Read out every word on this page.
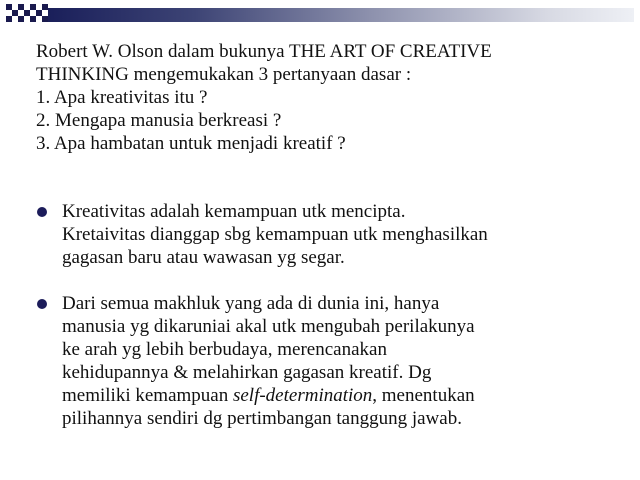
Robert W. Olson dalam bukunya THE ART OF CREATIVE
THINKING mengemukakan 3 pertanyaan dasar :
1. Apa kreativitas itu ?
2. Mengapa manusia berkreasi ?
3. Apa hambatan untuk menjadi kreatif ?
Kreativitas adalah kemampuan utk mencipta.
Kretaivitas dianggap sbg kemampuan utk menghasilkan
gagasan baru atau wawasan yg segar.
Dari semua makhluk yang ada di dunia ini, hanya
manusia yg dikaruniai akal utk mengubah perilakunya
ke arah yg lebih berbudaya, merencanakan
kehidupannya & melahirkan gagasan kreatif. Dg
memiliki kemampuan self-determination, menentukan
pilihannya sendiri dg pertimbangan tanggung jawab.
